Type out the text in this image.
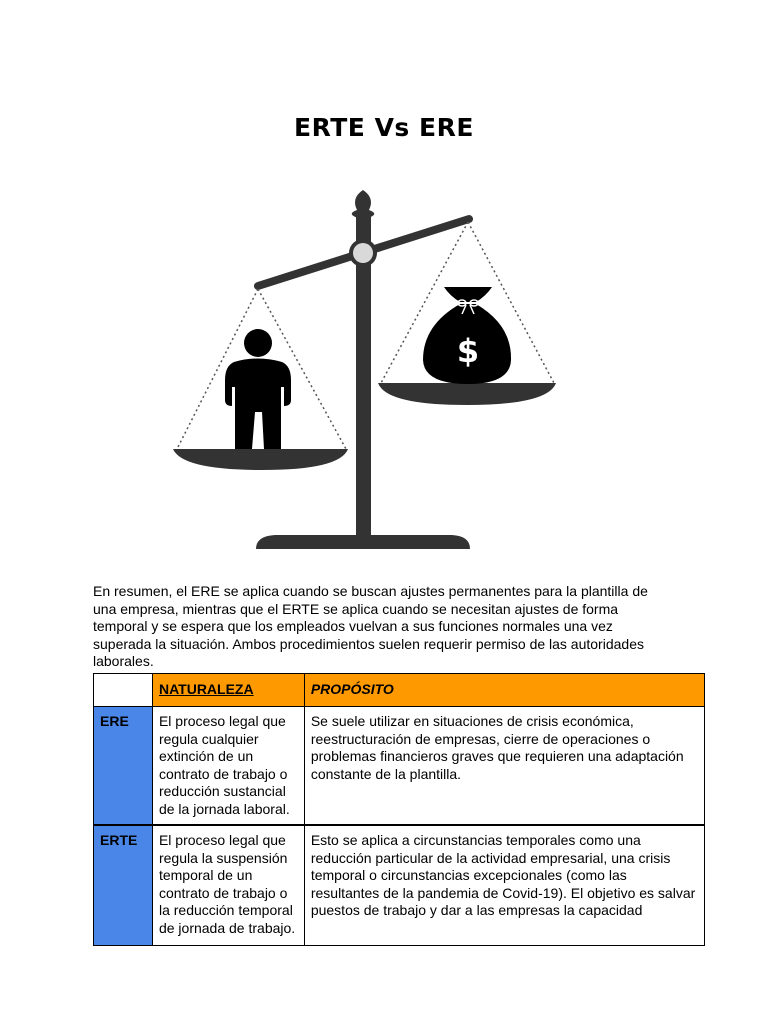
ERTE Vs ERE
$

En resumen, el ERE se aplica cuando se buscan ajustes permanentes para la plantilla de una empresa, mientras que el ERTE se aplica cuando se necesitan ajustes de forma temporal y se espera que los empleados vuelvan a sus funciones normales una vez superada la situación. Ambos procedimientos suelen requerir permiso de las autoridades laborales.

	NATURALEZA	PROPÓSITO
ERE	El proceso legal que regula cualquier extinción de un contrato de trabajo o reducción sustancial de la jornada laboral.	Se suele utilizar en situaciones de crisis económica, reestructuración de empresas, cierre de operaciones o problemas financieros graves que requieren una adaptación constante de la plantilla.
ERTE	El proceso legal que regula la suspensión temporal de un contrato de trabajo o la reducción temporal de jornada de trabajo.	Esto se aplica a circunstancias temporales como una reducción particular de la actividad empresarial, una crisis temporal o circunstancias excepcionales (como las resultantes de la pandemia de Covid-19). El objetivo es salvar puestos de trabajo y dar a las empresas la capacidad
